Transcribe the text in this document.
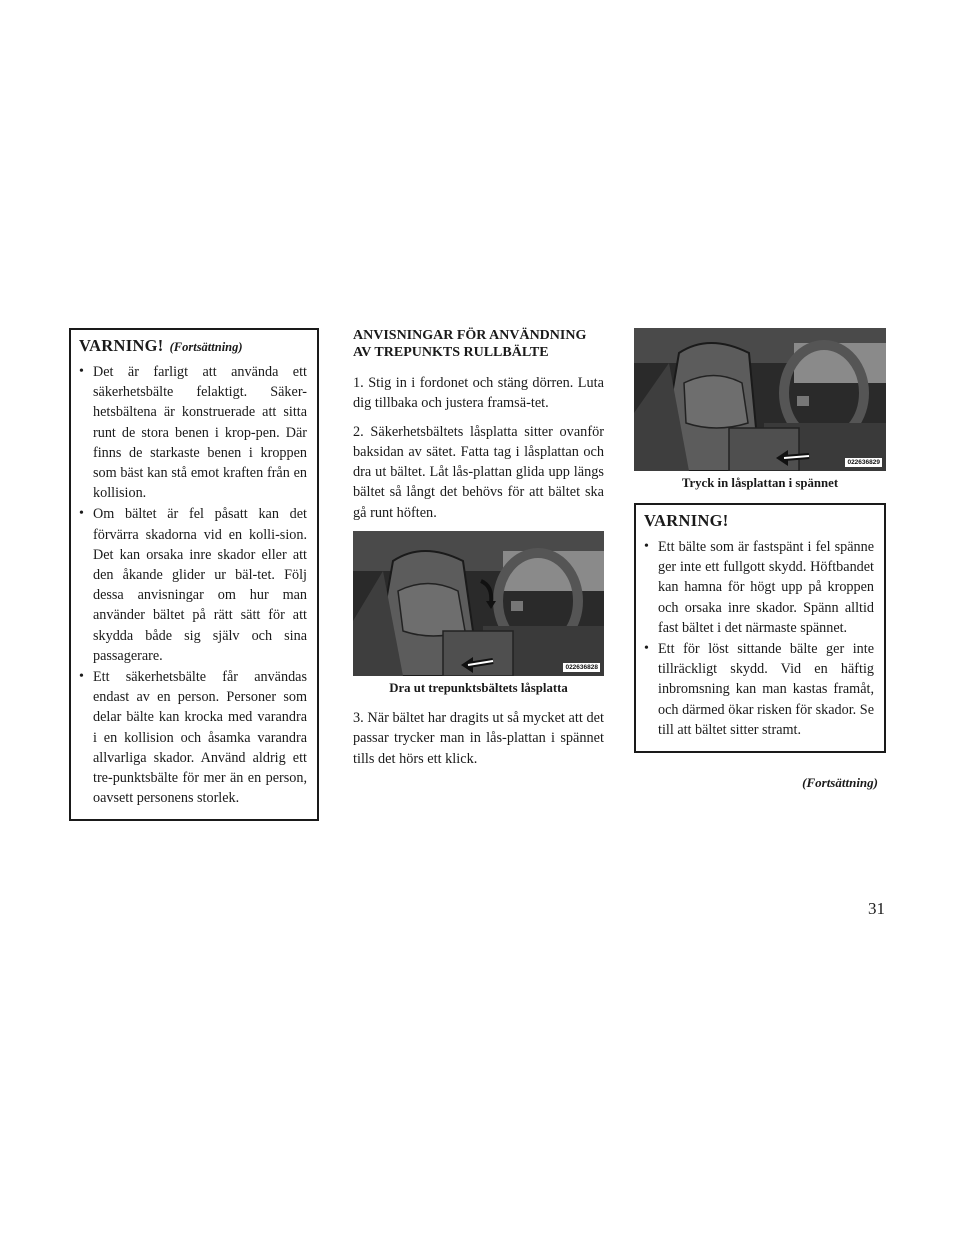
VARNING! (Fortsättning)
• Det är farligt att använda ett säkerhetsbälte felaktigt. Säker-hetsbältena är konstruerade att sitta runt de stora benen i krop-pen. Där finns de starkaste benen i kroppen som bäst kan stå emot kraften från en kollision.
• Om bältet är fel påsatt kan det förvärra skadorna vid en kolli-sion. Det kan orsaka inre skador eller att den åkande glider ur bäl-tet. Följ dessa anvisningar om hur man använder bältet på rätt sätt för att skydda både sig själv och sina passagerare.
• Ett säkerhetsbälte får användas endast av en person. Personer som delar bälte kan krocka med varandra i en kollision och åsamka varandra allvarliga skador. Använd aldrig ett tre-punktsbälte för mer än en person, oavsett personens storlek.
ANVISNINGAR FÖR ANVÄNDNING AV TREPUNKTS RULLBÄLTE

1. Stig in i fordonet och stäng dörren. Luta dig tillbaka och justera framsä-tet.

2. Säkerhetsbältets låsplatta sitter ovanför baksidan av sätet. Fatta tag i låsplattan och dra ut bältet. Låt lås-plattan glida upp längs bältet så långt det behövs för att bältet ska gå runt höften.

022636828
Dra ut trepunktsbältets låsplatta

3. När bältet har dragits ut så mycket att det passar trycker man in lås-plattan i spännet tills det hörs ett klick.

022636829
Tryck in låsplattan i spännet
VARNING!
• Ett bälte som är fastspänt i fel spänne ger inte ett fullgott skydd. Höftbandet kan hamna för högt upp på kroppen och orsaka inre skador. Spänn alltid fast bältet i det närmaste spännet.
• Ett för löst sittande bälte ger inte tillräckligt skydd. Vid en häftig inbromsning kan man kastas framåt, och därmed ökar risken för skador. Se till att bältet sitter stramt.
(Fortsättning)
31
